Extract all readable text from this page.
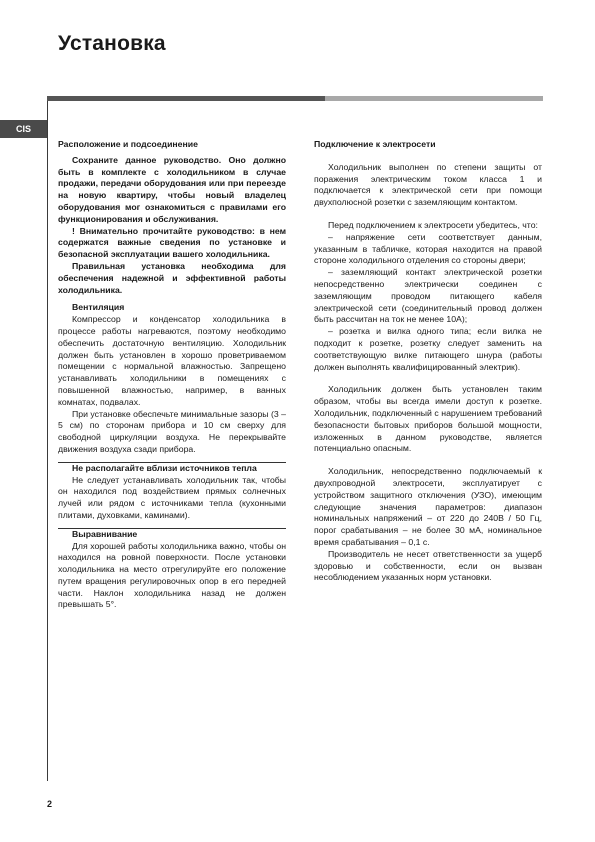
Установка
CIS

Расположение и подсоединение

Сохраните данное руководство. Оно должно быть в комплекте с холодильником в случае продажи, передачи оборудования или при переезде на новую квартиру, чтобы новый владелец оборудования мог ознакомиться с правилами его функционирования и обслуживания.

! Внимательно прочитайте руководство: в нем содержатся важные сведения по установке и безопасной эксплуатации вашего холодильника.

Правильная установка необходима для обеспечения надежной и эффективной работы холодильника.

Вентиляция

Компрессор и конденсатор холодильника в процессе работы нагреваются, поэтому необходимо обеспечить достаточную вентиляцию. Холодильник должен быть установлен в хорошо проветриваемом помещении с нормальной влажностью. Запрещено устанавливать холодильники в помещениях с повышенной влажностью, например, в ванных комнатах, подвалах.

При установке обеспечьте минимальные зазоры (3 – 5 см) по сторонам прибора и 10 см сверху для свободной циркуляции воздуха. Не перекрывайте движения воздуха сзади прибора.

Не располагайте вблизи источников тепла

Не следует устанавливать холодильник так, чтобы он находился под воздействием прямых солнечных лучей или рядом с источниками тепла (кухонными плитами, духовками, каминами).

Выравнивание

Для хорошей работы холодильника важно, чтобы он находился на ровной поверхности. После установки холодильника на место отрегулируйте его положение путем вращения регулировочных опор в его передней части. Наклон холодильника назад не должен превышать 5°.

Подключение к электросети

Холодильник выполнен по степени защиты от поражения электрическим током класса 1 и подключается к электрической сети при помощи двухполюсной розетки с заземляющим контактом.

Перед подключением к электросети убедитесь, что:

– напряжение сети соответствует данным, указанным в табличке, которая находится на правой стороне холодильного отделения со стороны двери;

– заземляющий контакт электрической розетки непосредственно электрически соединен с заземляющим проводом питающего кабеля электрической сети (соединительный провод должен быть рассчитан на ток не менее 10А);

– розетка и вилка одного типа; если вилка не подходит к розетке, розетку следует заменить на соответствующую вилке питающего шнура (работы должен выполнять квалифицированный электрик).

Холодильник должен быть установлен таким образом, чтобы вы всегда имели доступ к розетке. Холодильник, подключенный с нарушением требований безопасности бытовых приборов большой мощности, изложенных в данном руководстве, является потенциально опасным.

Холодильник, непосредственно подключаемый к двухпроводной электросети, эксплуатирует с устройством защитного отключения (УЗО), имеющим следующие значения параметров: диапазон номинальных напряжений – от 220 до 240В / 50 Гц, порог срабатывания – не более 30 мА, номинальное время срабатывания – 0,1 с.

Производитель не несет ответственности за ущерб здоровью и собственности, если он вызван несоблюдением указанных норм установки.

2
